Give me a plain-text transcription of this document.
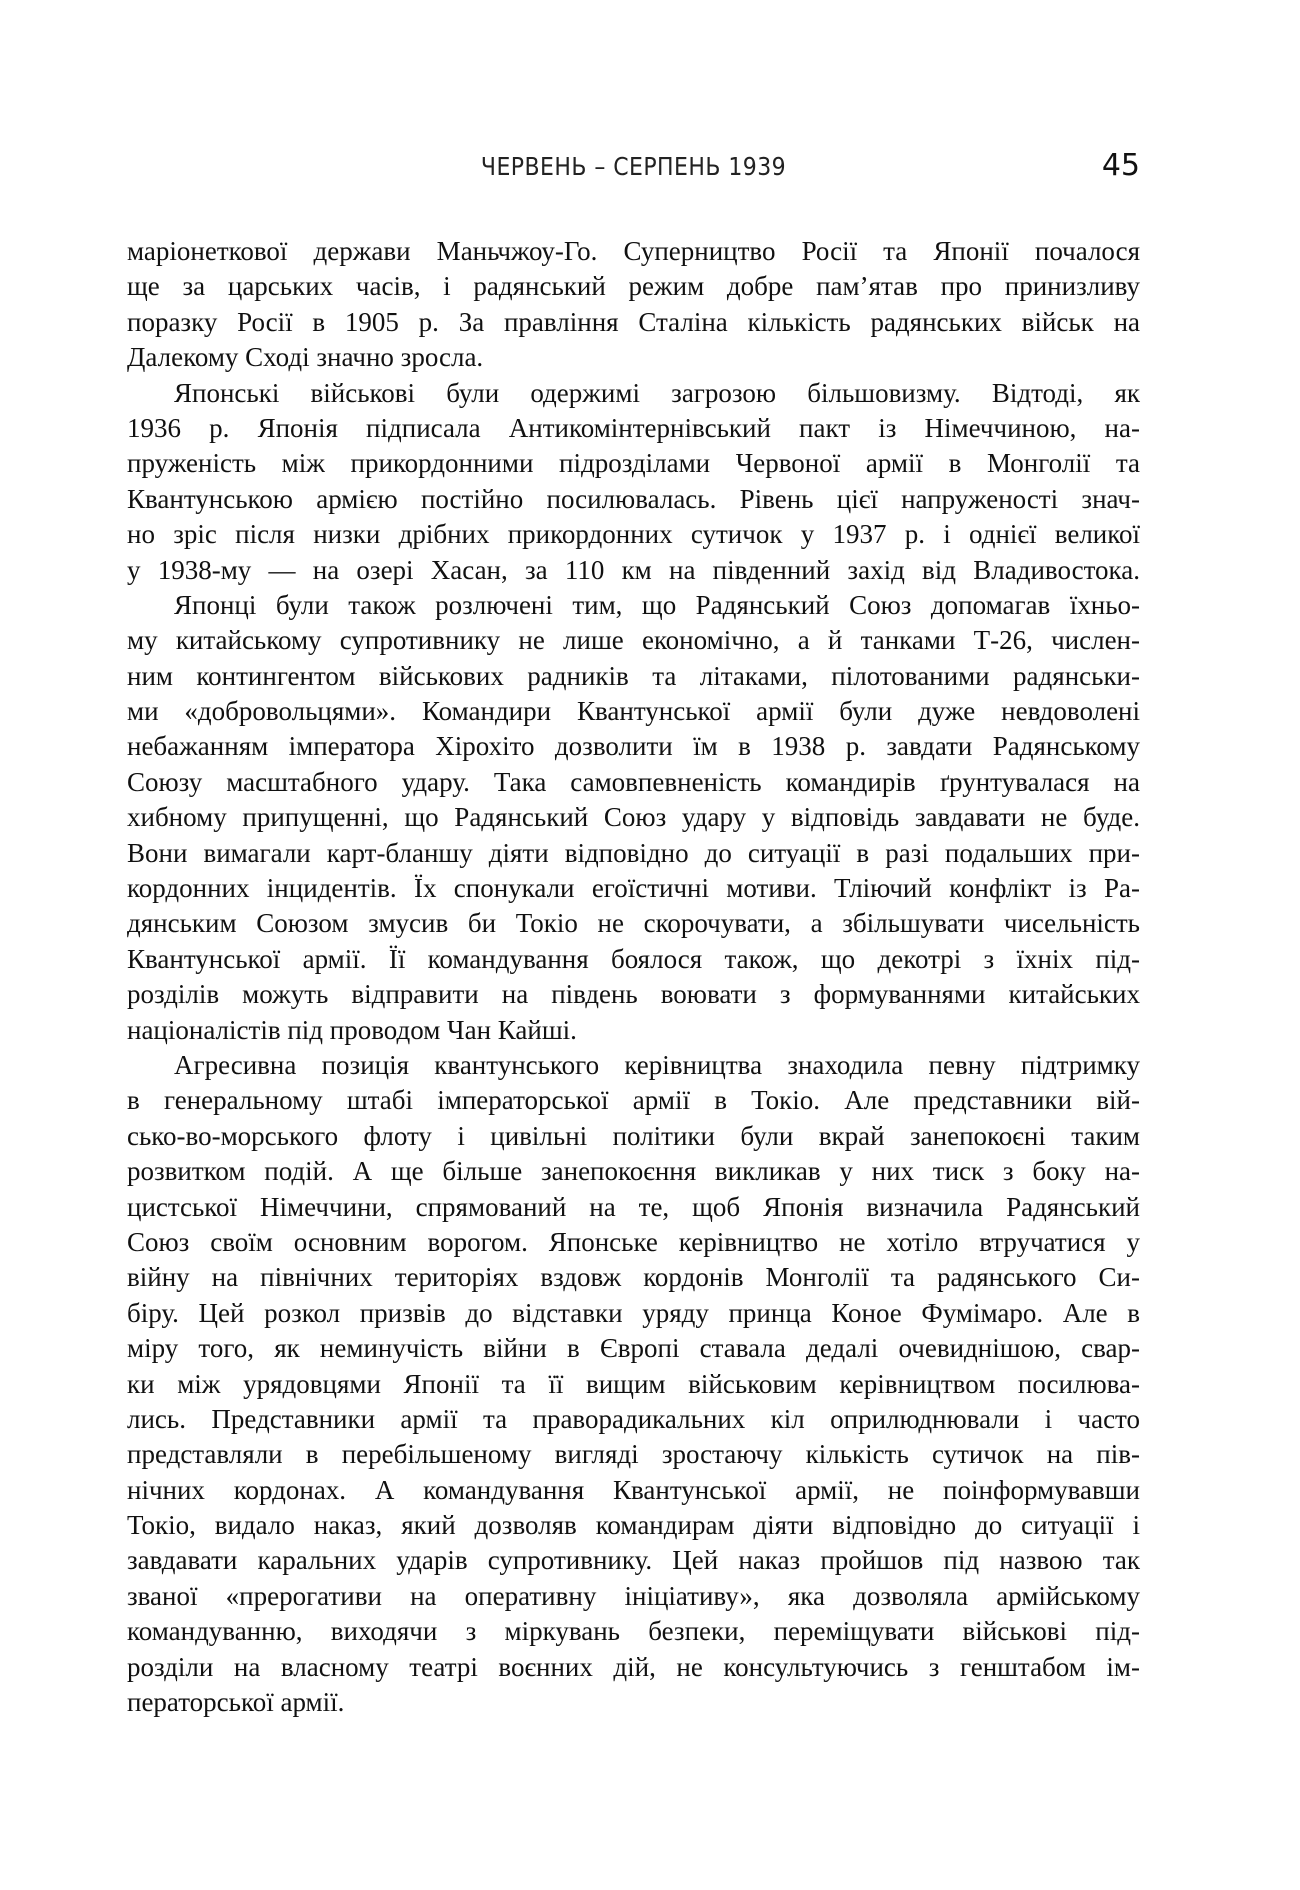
ЧЕРВЕНЬ – СЕРПЕНЬ 1939	45
маріонеткової держави Маньчжоу-Го. Суперництво Росії та Японії почалося
ще за царських часів, і радянський режим добре пам’ятав про принизливу
поразку Росії в 1905 р. За правління Сталіна кількість радянських військ на
Далекому Сході значно зросла.
Японські військові були одержимі загрозою більшовизму. Відтоді, як
1936 р. Японія підписала Антикомінтернівський пакт із Німеччиною, на-
пруженість між прикордонними підрозділами Червоної армії в Монголії та
Квантунською армією постійно посилювалась. Рівень цієї напруженості знач-
но зріс після низки дрібних прикордонних сутичок у 1937 р. і однієї великої
у 1938-му — на озері Хасан, за 110 км на південний захід від Владивостока.
Японці були також розлючені тим, що Радянський Союз допомагав їхньо-
му китайському супротивнику не лише економічно, а й танками Т-26, числен-
ним контингентом військових радників та літаками, пілотованими радянськи-
ми «добровольцями». Командири Квантунської армії були дуже невдоволені
небажанням імператора Хірохіто дозволити їм в 1938 р. завдати Радянському
Союзу масштабного удару. Така самовпевненість командирів ґрунтувалася на
хибному припущенні, що Радянський Союз удару у відповідь завдавати не буде.
Вони вимагали карт-бланшу діяти відповідно до ситуації в разі подальших при-
кордонних інцидентів. Їх спонукали егоїстичні мотиви. Тліючий конфлікт із Ра-
дянським Союзом змусив би Токіо не скорочувати, а збільшувати чисельність
Квантунської армії. Її командування боялося також, що декотрі з їхніх під-
розділів можуть відправити на південь воювати з формуваннями китайських
націоналістів під проводом Чан Кайші.
Агресивна позиція квантунського керівництва знаходила певну підтримку
в генеральному штабі імператорської армії в Токіо. Але представники вій-
сько-во-морського флоту і цивільні політики були вкрай занепокоєні таким
розвитком подій. А ще більше занепокоєння викликав у них тиск з боку на-
цистської Німеччини, спрямований на те, щоб Японія визначила Радянський
Союз своїм основним ворогом. Японське керівництво не хотіло втручатися у
війну на північних територіях вздовж кордонів Монголії та радянського Си-
біру. Цей розкол призвів до відставки уряду принца Коное Фумімаро. Але в
міру того, як неминучість війни в Європі ставала дедалі очевиднішою, свар-
ки між урядовцями Японії та її вищим військовим керівництвом посилюва-
лись. Представники армії та праворадикальних кіл оприлюднювали і часто
представляли в перебільшеному вигляді зростаючу кількість сутичок на пів-
нічних кордонах. А командування Квантунської армії, не поінформувавши
Токіо, видало наказ, який дозволяв командирам діяти відповідно до ситуації і
завдавати каральних ударів супротивнику. Цей наказ пройшов під назвою так
званої «прерогативи на оперативну ініціативу», яка дозволяла армійському
командуванню, виходячи з міркувань безпеки, переміщувати військові під-
розділи на власному театрі воєнних дій, не консультуючись з генштабом ім-
ператорської армії.
